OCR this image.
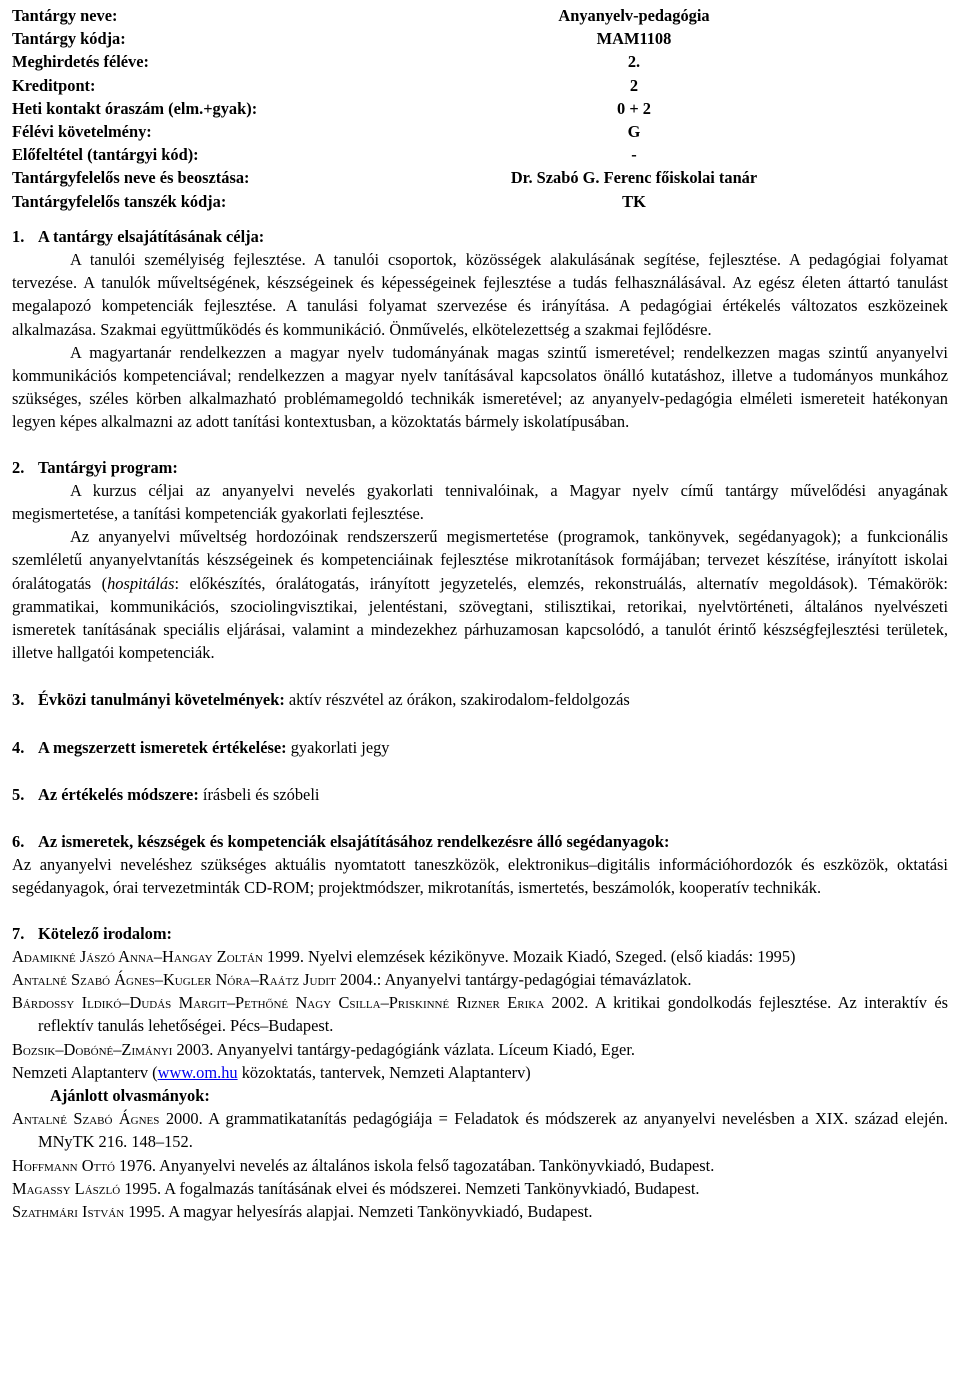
Tantárgy neve:	Anyanyelv-pedagógia
Tantárgy kódja:	MAM1108
Meghirdetés féléve:	2.
Kreditpont:	2
Heti kontakt óraszám (elm.+gyak):	0 + 2
Félévi követelmény:	G
Előfeltétel (tantárgyi kód):	-
Tantárgyfelelős neve és beosztása:	Dr. Szabó G. Ferenc főiskolai tanár
Tantárgyfelelős tanszék kódja:	TK
1. A tantárgy elsajátításának célja:

A tanulói személyiség fejlesztése. A tanulói csoportok, közösségek alakulásának segítése, fejlesztése. A pedagógiai folyamat tervezése. A tanulók műveltségének, készségeinek és képességeinek fejlesztése a tudás felhasználásával. Az egész életen áttartó tanulást megalapozó kompetenciák fejlesztése. A tanulási folyamat szervezése és irányítása. A pedagógiai értékelés változatos eszközeinek alkalmazása. Szakmai együttműködés és kommunikáció. Önművelés, elkötelezettség a szakmai fejlődésre.

A magyartanár rendelkezzen a magyar nyelv tudományának magas szintű ismeretével; rendelkezzen magas szintű anyanyelvi kommunikációs kompetenciával; rendelkezzen a magyar nyelv tanításával kapcsolatos önálló kutatáshoz, illetve a tudományos munkához szükséges, széles körben alkalmazható problémamegoldó technikák ismeretével; az anyanyelv-pedagógia elméleti ismereteit hatékonyan legyen képes alkalmazni az adott tanítási kontextusban, a közoktatás bármely iskolatípusában.

2. Tantárgyi program:

A kurzus céljai az anyanyelvi nevelés gyakorlati tennivalóinak, a Magyar nyelv című tantárgy művelődési anyagának megismertetése, a tanítási kompetenciák gyakorlati fejlesztése.

Az anyanyelvi műveltség hordozóinak rendszerszerű megismertetése (programok, tankönyvek, segédanyagok); a funkcionális szemléletű anyanyelvtanítás készségeinek és kompetenciáinak fejlesztése mikrotanítások formájában; tervezet készítése, irányított iskolai óralátogatás (hospitálás: előkészítés, óralátogatás, irányított jegyzetelés, elemzés, rekonstruálás, alternatív megoldások). Témakörök: grammatikai, kommunikációs, szociolingvisztikai, jelentéstani, szövegtani, stilisztikai, retorikai, nyelvtörténeti, általános nyelvészeti ismeretek tanításának speciális eljárásai, valamint a mindezekhez párhuzamosan kapcsolódó, a tanulót érintő készségfejlesztési területek, illetve hallgatói kompetenciák.

3. Évközi tanulmányi követelmények: aktív részvétel az órákon, szakirodalom-feldolgozás
4. A megszerzett ismeretek értékelése: gyakorlati jegy
5. Az értékelés módszere: írásbeli és szóbeli
6. Az ismeretek, készségek és kompetenciák elsajátításához rendelkezésre álló segédanyagok:

Az anyanyelvi neveléshez szükséges aktuális nyomtatott taneszközök, elektronikus–digitális információhordozók és eszközök, oktatási segédanyagok, órai tervezetminták CD-ROM; projektmódszer, mikrotanítás, ismertetés, beszámolók, kooperatív technikák.

7. Kötelező irodalom:
Adamikné Jászó Anna–Hangay Zoltán 1999. Nyelvi elemzések kézikönyve. Mozaik Kiadó, Szeged. (első kiadás: 1995)
Antalné Szabó Ágnes–Kugler Nóra–Raátz Judit 2004.: Anyanyelvi tantárgy-pedagógiai témavázlatok.
Bárdossy Ildikó–Dudás Margit–Pethőné Nagy Csilla–Priskinné Rizner Erika 2002. A kritikai gondolkodás fejlesztése. Az interaktív és reflektív tanulás lehetőségei. Pécs–Budapest.
Bozsik–Dobóné–Zimányi 2003. Anyanyelvi tantárgy-pedagógiánk vázlata. Líceum Kiadó, Eger.
Nemzeti Alaptanterv (www.om.hu közoktatás, tantervek, Nemzeti Alaptanterv)
Ajánlott olvasmányok:
Antalné Szabó Ágnes 2000. A grammatikatanítás pedagógiája = Feladatok és módszerek az anyanyelvi nevelésben a XIX. század elején. MNyTK 216. 148–152.
Hoffmann Ottó 1976. Anyanyelvi nevelés az általános iskola felső tagozatában. Tankönyvkiadó, Budapest.
Magassy László 1995. A fogalmazás tanításának elvei és módszerei. Nemzeti Tankönyvkiadó, Budapest.
Szathmári István 1995. A magyar helyesírás alapjai. Nemzeti Tankönyvkiadó, Budapest.
